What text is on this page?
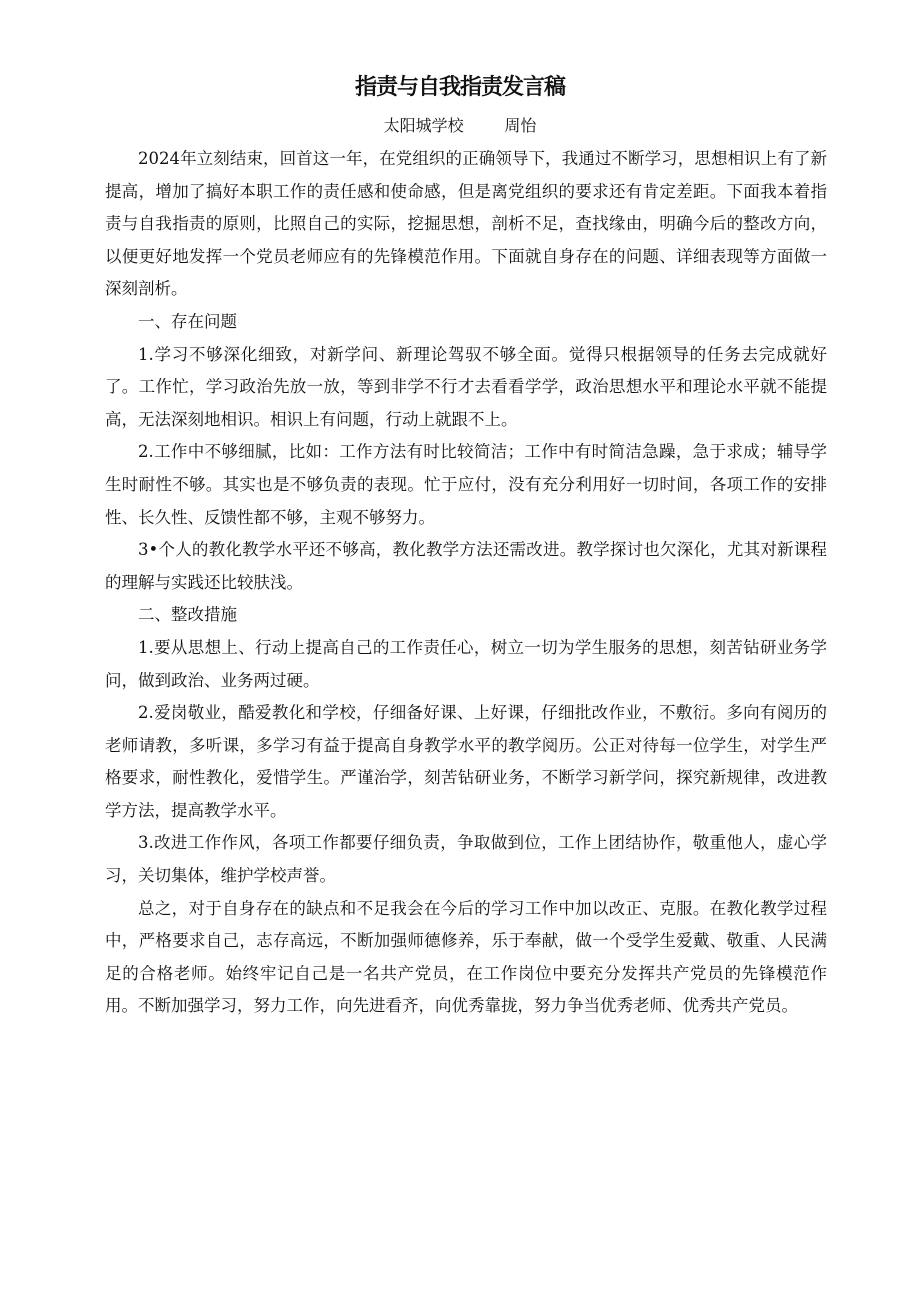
指责与自我指责发言稿
太阳城学校        周怡

2024年立刻结束，回首这一年，在党组织的正确领导下，我通过不断学习，思想相识上有了新提高，增加了搞好本职工作的责任感和使命感，但是离党组织的要求还有肯定差距。下面我本着指责与自我指责的原则，比照自己的实际，挖掘思想，剖析不足，查找缘由，明确今后的整改方向，以便更好地发挥一个党员老师应有的先锋模范作用。下面就自身存在的问题、详细表现等方面做一深刻剖析。

一、存在问题

1.学习不够深化细致，对新学问、新理论驾驭不够全面。觉得只根据领导的任务去完成就好了。工作忙，学习政治先放一放，等到非学不行才去看看学学，政治思想水平和理论水平就不能提高，无法深刻地相识。相识上有问题，行动上就跟不上。

2.工作中不够细腻，比如：工作方法有时比较简洁；工作中有时简洁急躁，急于求成；辅导学生时耐性不够。其实也是不够负责的表现。忙于应付，没有充分利用好一切时间，各项工作的安排性、长久性、反馈性都不够，主观不够努力。

3•个人的教化教学水平还不够高，教化教学方法还需改进。教学探讨也欠深化，尤其对新课程的理解与实践还比较肤浅。

二、整改措施

1.要从思想上、行动上提高自己的工作责任心，树立一切为学生服务的思想，刻苦钻研业务学问，做到政治、业务两过硬。

2.爱岗敬业，酷爱教化和学校，仔细备好课、上好课，仔细批改作业，不敷衍。多向有阅历的老师请教，多听课，多学习有益于提高自身教学水平的教学阅历。公正对待每一位学生，对学生严格要求，耐性教化，爱惜学生。严谨治学，刻苦钻研业务，不断学习新学问，探究新规律，改进教学方法，提高教学水平。

3.改进工作作风，各项工作都要仔细负责，争取做到位，工作上团结协作，敬重他人，虚心学习，关切集体，维护学校声誉。

总之，对于自身存在的缺点和不足我会在今后的学习工作中加以改正、克服。在教化教学过程中，严格要求自己，志存高远，不断加强师德修养，乐于奉献，做一个受学生爱戴、敬重、人民满足的合格老师。始终牢记自己是一名共产党员，在工作岗位中要充分发挥共产党员的先锋模范作用。不断加强学习，努力工作，向先进看齐，向优秀靠拢，努力争当优秀老师、优秀共产党员。
